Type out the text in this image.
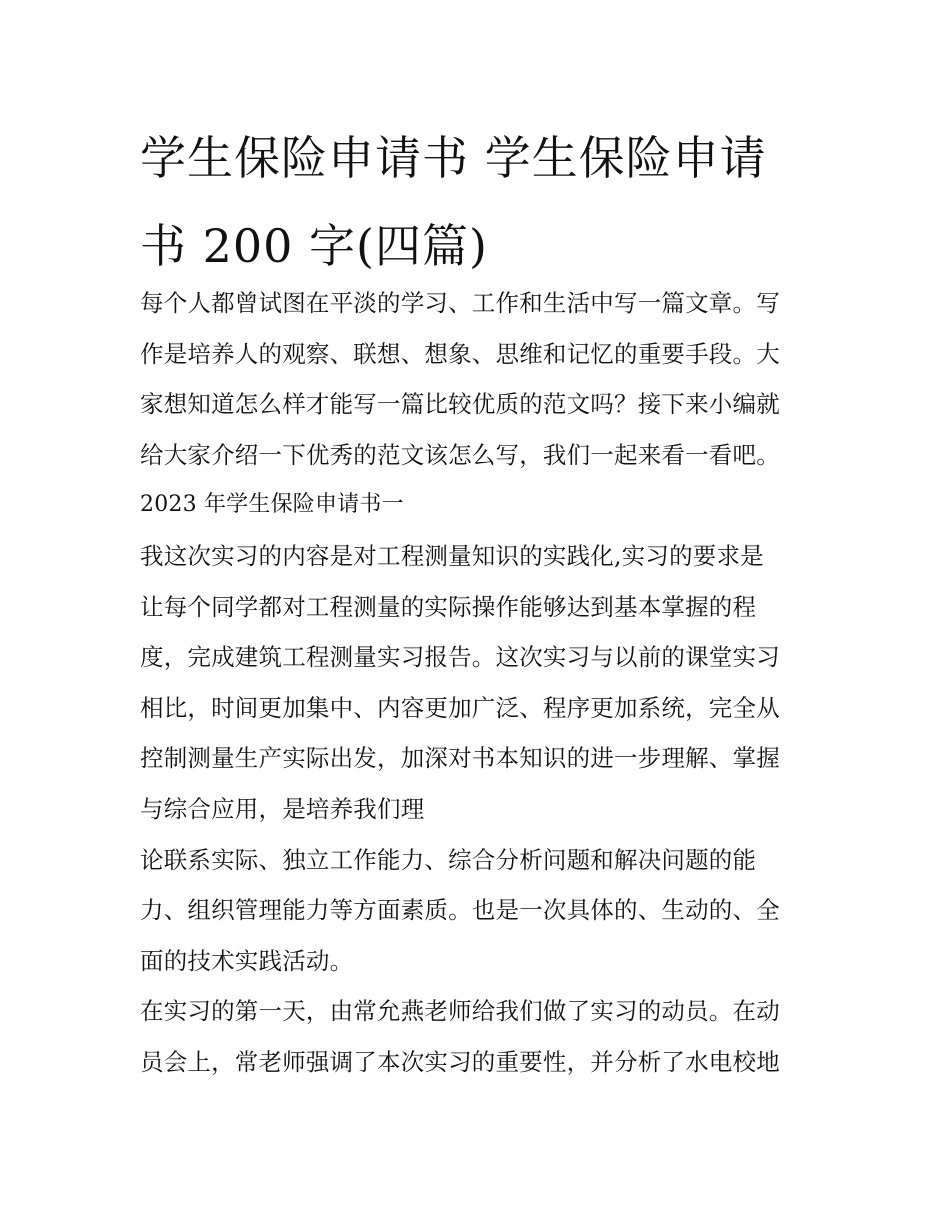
学生保险申请书 学生保险申请
书 200 字(四篇)
每个人都曾试图在平淡的学习、工作和生活中写一篇文章。写
作是培养人的观察、联想、想象、思维和记忆的重要手段。大
家想知道怎么样才能写一篇比较优质的范文吗？接下来小编就
给大家介绍一下优秀的范文该怎么写，我们一起来看一看吧。
2023 年学生保险申请书一
我这次实习的内容是对工程测量知识的实践化,实习的要求是
让每个同学都对工程测量的实际操作能够达到基本掌握的程
度，完成建筑工程测量实习报告。这次实习与以前的课堂实习
相比，时间更加集中、内容更加广泛、程序更加系统，完全从
控制测量生产实际出发，加深对书本知识的进一步理解、掌握
与综合应用，是培养我们理
论联系实际、独立工作能力、综合分析问题和解决问题的能
力、组织管理能力等方面素质。也是一次具体的、生动的、全
面的技术实践活动。
在实习的第一天，由常允燕老师给我们做了实习的动员。在动
员会上，常老师强调了本次实习的重要性，并分析了水电校地
